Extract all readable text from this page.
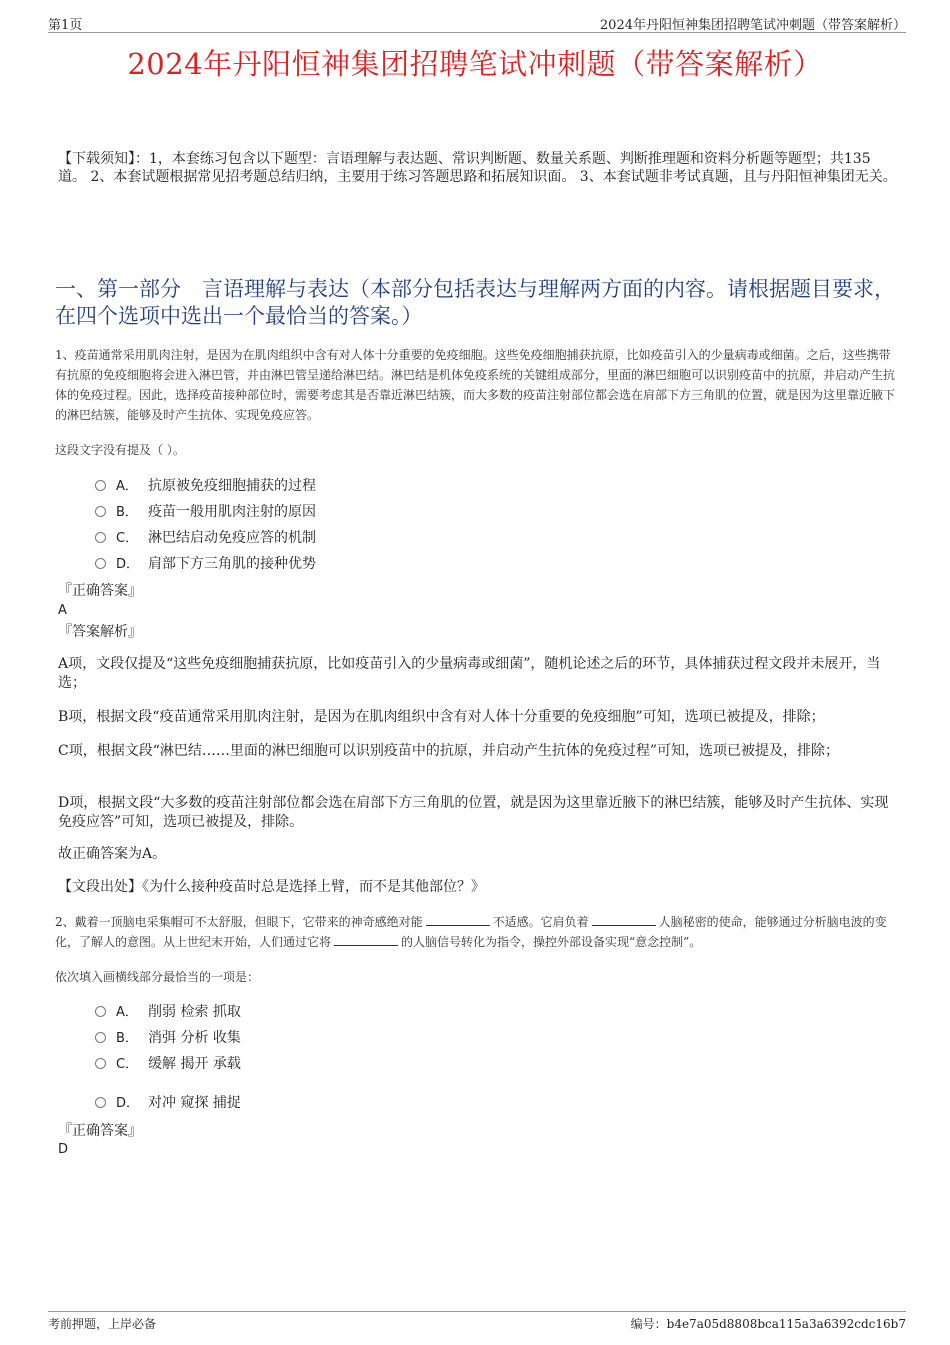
第1页	2024年丹阳恒神集团招聘笔试冲刺题（带答案解析）
2024年丹阳恒神集团招聘笔试冲刺题（带答案解析）
【下载须知】：1，本套练习包含以下题型：言语理解与表达题、常识判断题、数量关系题、判断推理题和资料分析题等题型；共135道。 2、本套试题根据常见招考题总结归纳，主要用于练习答题思路和拓展知识面。 3、本套试题非考试真题，且与丹阳恒神集团无关。
一、第一部分　言语理解与表达（本部分包括表达与理解两方面的内容。请根据题目要求，在四个选项中选出一个最恰当的答案。）
1、疫苗通常采用肌肉注射，是因为在肌肉组织中含有对人体十分重要的免疫细胞。这些免疫细胞捕获抗原，比如疫苗引入的少量病毒或细菌。之后，这些携带有抗原的免疫细胞将会进入淋巴管，并由淋巴管呈递给淋巴结。淋巴结是机体免疫系统的关键组成部分，里面的淋巴细胞可以识别疫苗中的抗原，并启动产生抗体的免疫过程。因此，选择疫苗接种部位时，需要考虑其是否靠近淋巴结簇，而大多数的疫苗注射部位都会选在肩部下方三角肌的位置，就是因为这里靠近腋下的淋巴结簇，能够及时产生抗体、实现免疫应答。
这段文字没有提及（ ）。
A． 抗原被免疫细胞捕获的过程
B． 疫苗一般用肌肉注射的原因
C． 淋巴结启动免疫应答的机制
D． 肩部下方三角肌的接种优势
『正确答案』
A
『答案解析』
A项，文段仅提及“这些免疫细胞捕获抗原，比如疫苗引入的少量病毒或细菌”，随机论述之后的环节，具体捕获过程文段并未展开，当选；
B项，根据文段“疫苗通常采用肌肉注射，是因为在肌肉组织中含有对人体十分重要的免疫细胞”可知，选项已被提及，排除；
C项，根据文段“淋巴结……里面的淋巴细胞可以识别疫苗中的抗原，并启动产生抗体的免疫过程”可知，选项已被提及，排除；
D项，根据文段“大多数的疫苗注射部位都会选在肩部下方三角肌的位置，就是因为这里靠近腋下的淋巴结簇，能够及时产生抗体、实现免疫应答”可知，选项已被提及，排除。
故正确答案为A。
【文段出处】《为什么接种疫苗时总是选择上臂，而不是其他部位？》
2、戴着一顶脑电采集帽可不太舒服，但眼下，它带来的神奇感绝对能	不适感。它肩负着	人脑秘密的使命，能够通过分析脑电波的变化，了解人的意图。从上世纪末开始，人们通过它将	的人脑信号转化为指令，操控外部设备实现“意念控制”。
依次填入画横线部分最恰当的一项是：
A． 削弱 检索 抓取
B． 消弭 分析 收集
C． 缓解 揭开 承载
D． 对冲 窥探 捕捉
『正确答案』
D
考前押题，上岸必备	编号：b4e7a05d8808bca115a3a6392cdc16b7
